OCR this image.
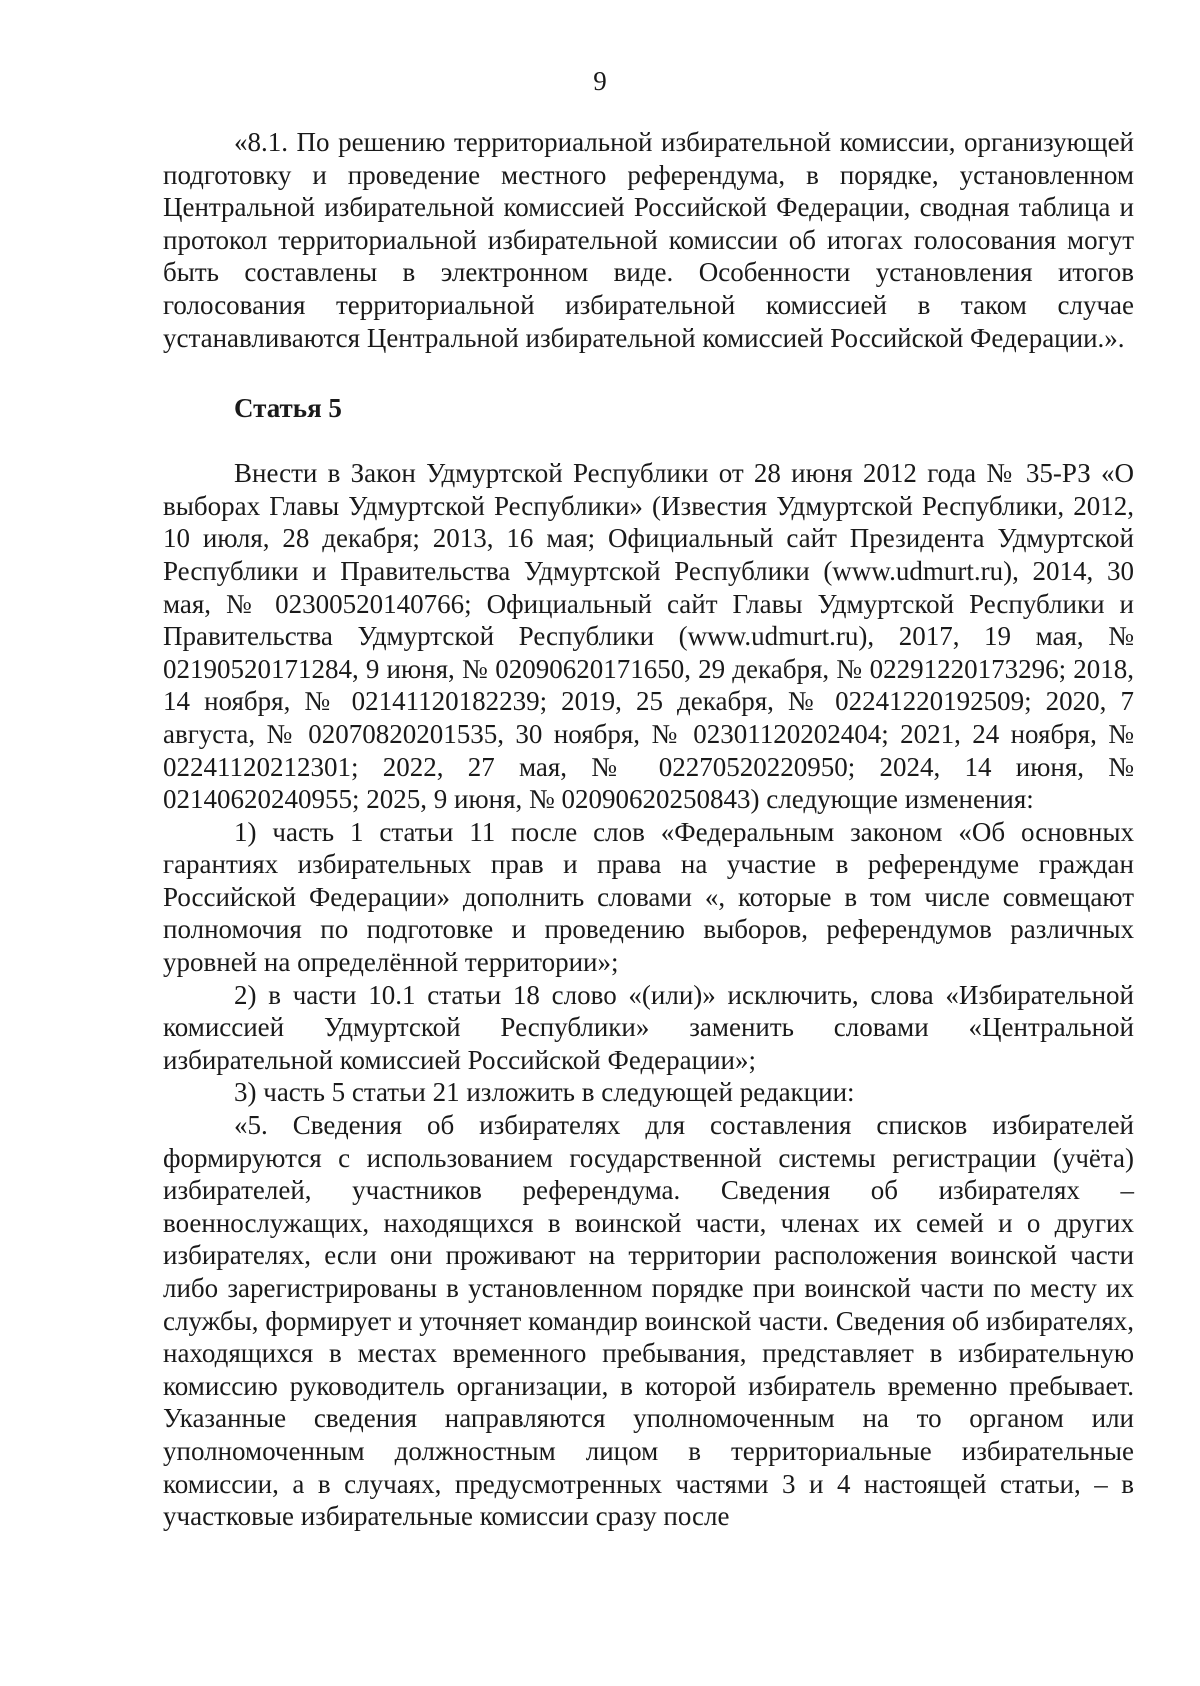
9

«8.1. По решению территориальной избирательной комиссии, организующей подготовку и проведение местного референдума, в порядке, установленном Центральной избирательной комиссией Российской Федерации, сводная таблица и протокол территориальной избирательной комиссии об итогах голосования могут быть составлены в электронном виде. Особенности установления итогов голосования территориальной избирательной комиссией в таком случае устанавливаются Центральной избирательной комиссией Российской Федерации.».

Статья 5

Внести в Закон Удмуртской Республики от 28 июня 2012 года № 35-РЗ «О выборах Главы Удмуртской Республики» (Известия Удмуртской Республики, 2012, 10 июля, 28 декабря; 2013, 16 мая; Официальный сайт Президента Удмуртской Республики и Правительства Удмуртской Республики (www.udmurt.ru), 2014, 30 мая, № 02300520140766; Официальный сайт Главы Удмуртской Республики и Правительства Удмуртской Республики (www.udmurt.ru), 2017, 19 мая, № 02190520171284, 9 июня, № 02090620171650, 29 декабря, № 02291220173296; 2018, 14 ноября, № 02141120182239; 2019, 25 декабря, № 02241220192509; 2020, 7 августа, № 02070820201535, 30 ноября, № 02301120202404; 2021, 24 ноября, № 02241120212301; 2022, 27 мая, № 02270520220950; 2024, 14 июня, № 02140620240955; 2025, 9 июня, № 02090620250843) следующие изменения:

1) часть 1 статьи 11 после слов «Федеральным законом «Об основных гарантиях избирательных прав и права на участие в референдуме граждан Российской Федерации» дополнить словами «, которые в том числе совмещают полномочия по подготовке и проведению выборов, референдумов различных уровней на определённой территории»;

2) в части 10.1 статьи 18 слово «(или)» исключить, слова «Избирательной комиссией Удмуртской Республики» заменить словами «Центральной избирательной комиссией Российской Федерации»;

3) часть 5 статьи 21 изложить в следующей редакции:

«5. Сведения об избирателях для составления списков избирателей формируются с использованием государственной системы регистрации (учёта) избирателей, участников референдума. Сведения об избирателях – военнослужащих, находящихся в воинской части, членах их семей и о других избирателях, если они проживают на территории расположения воинской части либо зарегистрированы в установленном порядке при воинской части по месту их службы, формирует и уточняет командир воинской части. Сведения об избирателях, находящихся в местах временного пребывания, представляет в избирательную комиссию руководитель организации, в которой избиратель временно пребывает. Указанные сведения направляются уполномоченным на то органом или уполномоченным должностным лицом в территориальные избирательные комиссии, а в случаях, предусмотренных частями 3 и 4 настоящей статьи, – в участковые избирательные комиссии сразу после
